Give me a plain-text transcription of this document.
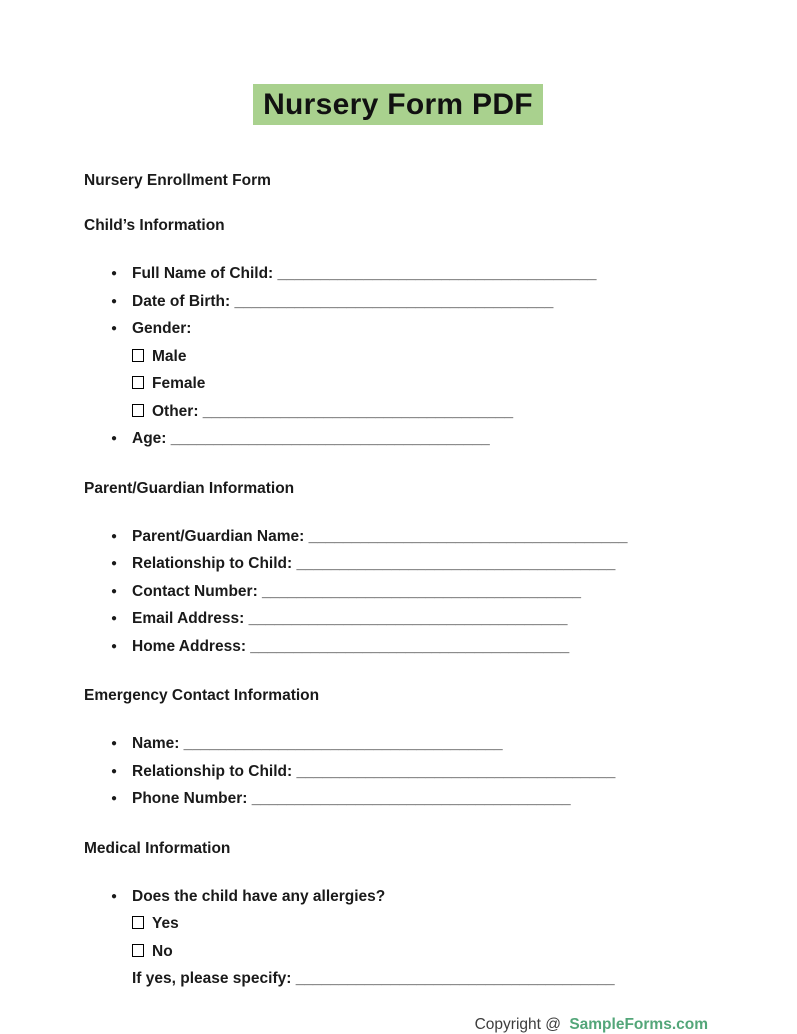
Nursery Form PDF
Nursery Enrollment Form
Child’s Information
● Full Name of Child: _____________________________________
● Date of Birth: _____________________________________
● Gender:
Male
Female
Other: ____________________________________
● Age: _____________________________________
Parent/Guardian Information
● Parent/Guardian Name: _____________________________________
● Relationship to Child: _____________________________________
● Contact Number: _____________________________________
● Email Address: _____________________________________
● Home Address: _____________________________________
Emergency Contact Information
● Name: _____________________________________
● Relationship to Child: _____________________________________
● Phone Number: _____________________________________
Medical Information
● Does the child have any allergies?
Yes
No
If yes, please specify: _____________________________________
Copyright @ SampleForms.com
